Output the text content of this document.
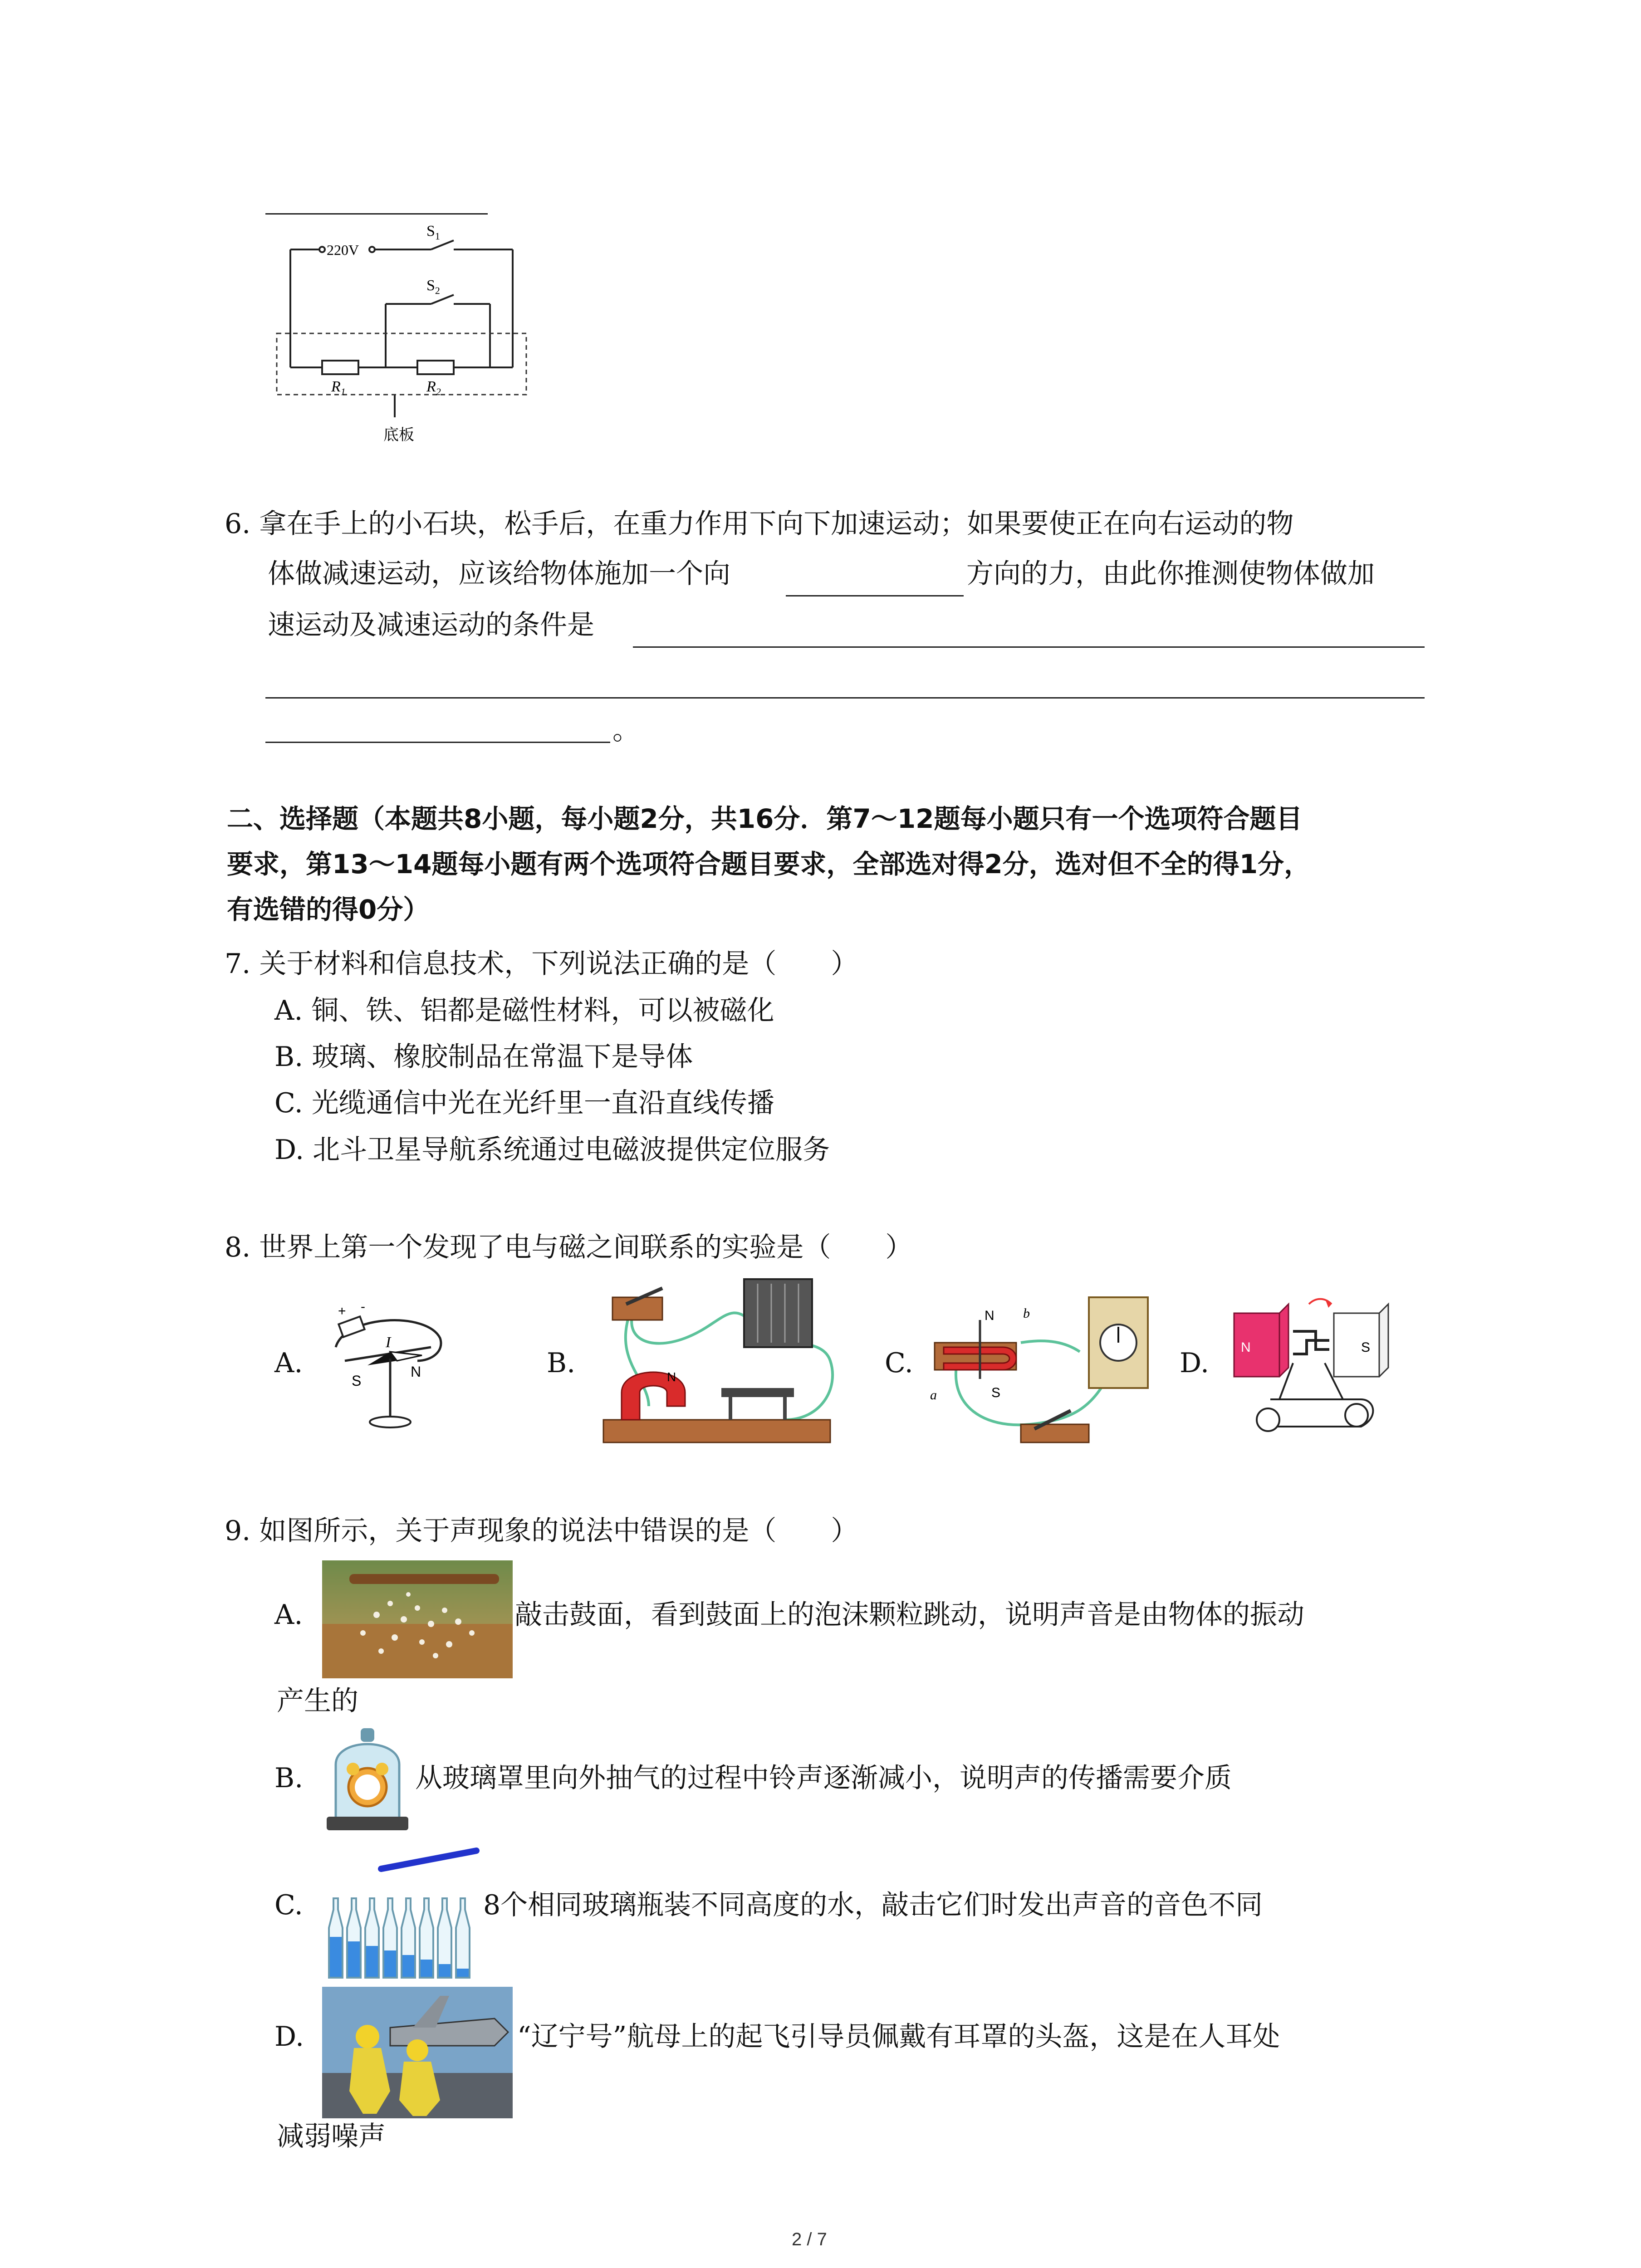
220V
$S_1$
$S_2$
$R_1$	$R_2$
底板
6. 拿在手上的小石块，松手后，在重力作用下向下加速运动；如果要使正在向右运动的物
体做减速运动，应该给物体施加一个向	方向的力，由此你推测使物体做加
速运动及减速运动的条件是
。
二、选择题（本题共8小题，每小题2分，共16分．第7～12题每小题只有一个选项符合题目
要求，第13～14题每小题有两个选项符合题目要求，全部选对得2分，选对但不全的得1分，
有选错的得0分）
7. 关于材料和信息技术，下列说法正确的是（　　）
A. 铜、铁、铝都是磁性材料，可以被磁化
B. 玻璃、橡胶制品在常温下是导体
C. 光缆通信中光在光纤里一直沿直线传播
D. 北斗卫星导航系统通过电磁波提供定位服务
8. 世界上第一个发现了电与磁之间联系的实验是（　　）
A.	B.	C.	D.
+ -
I
S
N	N
N b
a	S
N	S
9. 如图所示，关于声现象的说法中错误的是（　　）
A.	敲击鼓面，看到鼓面上的泡沫颗粒跳动，说明声音是由物体的振动
产生的
B.	从玻璃罩里向外抽气的过程中铃声逐渐减小，说明声的传播需要介质
C.	8个相同玻璃瓶装不同高度的水，敲击它们时发出声音的音色不同
D.	“辽宁号”航母上的起飞引导员佩戴有耳罩的头盔，这是在人耳处
减弱噪声
2 / 7
